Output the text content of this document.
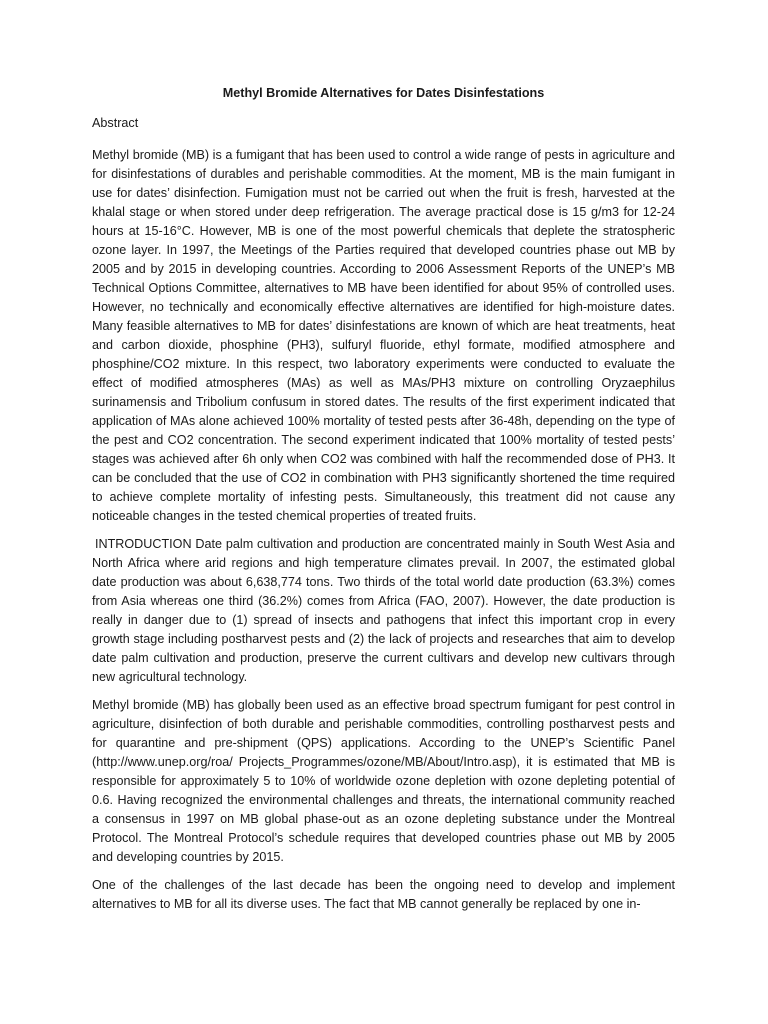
Methyl Bromide Alternatives for Dates Disinfestations
Abstract

Methyl bromide (MB) is a fumigant that has been used to control a wide range of pests in agriculture and for disinfestations of durables and perishable commodities. At the moment, MB is the main fumigant in use for dates’ disinfection. Fumigation must not be carried out when the fruit is fresh, harvested at the khalal stage or when stored under deep refrigeration. The average practical dose is 15 g/m3 for 12-24 hours at 15-16°C. However, MB is one of the most powerful chemicals that deplete the stratospheric ozone layer. In 1997, the Meetings of the Parties required that developed countries phase out MB by 2005 and by 2015 in developing countries. According to 2006 Assessment Reports of the UNEP’s MB Technical Options Committee, alternatives to MB have been identified for about 95% of controlled uses. However, no technically and economically effective alternatives are identified for high-moisture dates. Many feasible alternatives to MB for dates’ disinfestations are known of which are heat treatments, heat and carbon dioxide, phosphine (PH3), sulfuryl fluoride, ethyl formate, modified atmosphere and phosphine/CO2 mixture. In this respect, two laboratory experiments were conducted to evaluate the effect of modified atmospheres (MAs) as well as MAs/PH3 mixture on controlling Oryzaephilus surinamensis and Tribolium confusum in stored dates. The results of the first experiment indicated that application of MAs alone achieved 100% mortality of tested pests after 36-48h, depending on the type of the pest and CO2 concentration. The second experiment indicated that 100% mortality of tested pests’ stages was achieved after 6h only when CO2 was combined with half the recommended dose of PH3. It can be concluded that the use of CO2 in combination with PH3 significantly shortened the time required to achieve complete mortality of infesting pests. Simultaneously, this treatment did not cause any noticeable changes in the tested chemical properties of treated fruits.

INTRODUCTION Date palm cultivation and production are concentrated mainly in South West Asia and North Africa where arid regions and high temperature climates prevail. In 2007, the estimated global date production was about 6,638,774 tons. Two thirds of the total world date production (63.3%) comes from Asia whereas one third (36.2%) comes from Africa (FAO, 2007). However, the date production is really in danger due to (1) spread of insects and pathogens that infect this important crop in every growth stage including postharvest pests and (2) the lack of projects and researches that aim to develop date palm cultivation and production, preserve the current cultivars and develop new cultivars through new agricultural technology.

Methyl bromide (MB) has globally been used as an effective broad spectrum fumigant for pest control in agriculture, disinfection of both durable and perishable commodities, controlling postharvest pests and for quarantine and pre-shipment (QPS) applications. According to the UNEP’s Scientific Panel (http://www.unep.org/roa/ Projects_Programmes/ozone/MB/About/Intro.asp), it is estimated that MB is responsible for approximately 5 to 10% of worldwide ozone depletion with ozone depleting potential of 0.6. Having recognized the environmental challenges and threats, the international community reached a consensus in 1997 on MB global phase-out as an ozone depleting substance under the Montreal Protocol. The Montreal Protocol’s schedule requires that developed countries phase out MB by 2005 and developing countries by 2015.

One of the challenges of the last decade has been the ongoing need to develop and implement alternatives to MB for all its diverse uses. The fact that MB cannot generally be replaced by one in-
